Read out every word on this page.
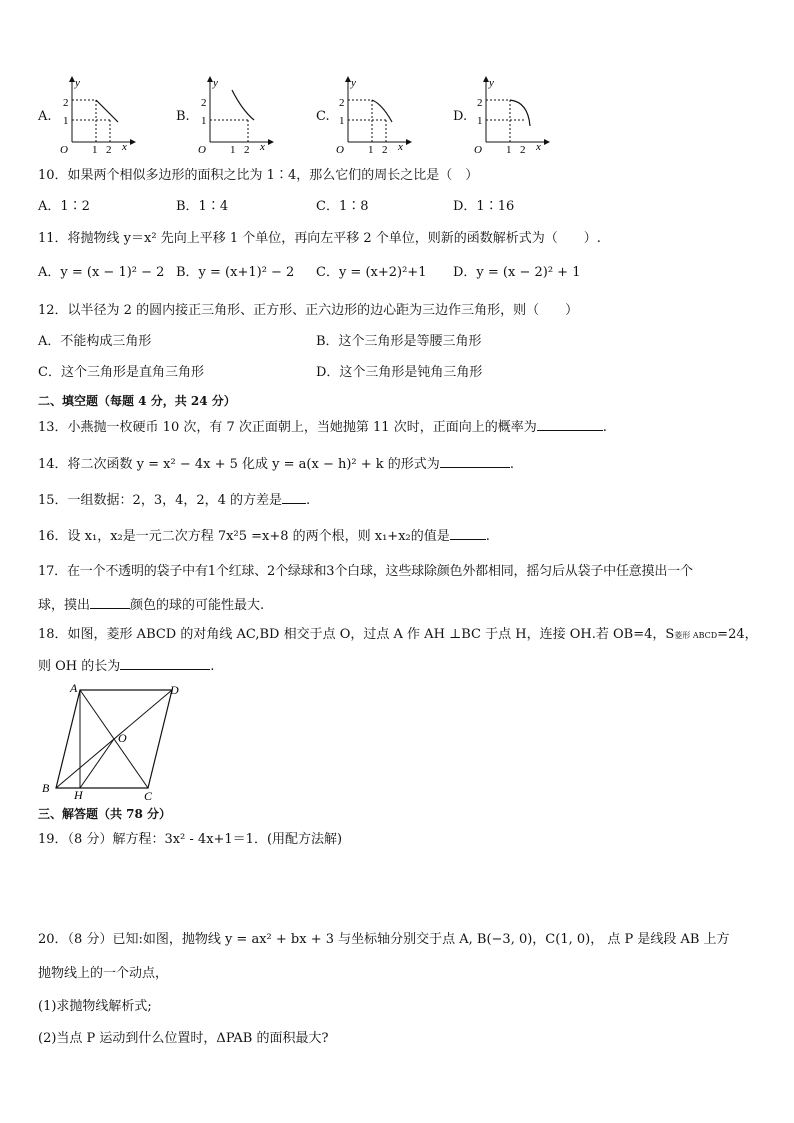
A.
2
1
1 2
y
x
O
B.
2
1
1 2
y
x
O
C.
2
1
1 2
y
x
O
D.
2
1
1 2
y
x
O
10．如果两个相似多边形的面积之比为 1∶4，那么它们的周长之比是（　）
A．1∶2	B．1∶4	C．1∶8	D．1∶16
11．将抛物线 y＝x² 先向上平移 1 个单位，再向左平移 2 个单位，则新的函数解析式为（　　）.
A．y = (x − 1)² − 2 B．y = (x+1)² − 2 C．y = (x+2)²+1 D．y = (x − 2)² + 1
12．以半径为 2 的圆内接正三角形、正方形、正六边形的边心距为三边作三角形，则（　　）
A．不能构成三角形	B．这个三角形是等腰三角形
C．这个三角形是直角三角形	D．这个三角形是钝角三角形
二、填空题（每题 4 分，共 24 分）
13．小燕抛一枚硬币 10 次，有 7 次正面朝上，当她抛第 11 次时，正面向上的概率为	.
14．将二次函数 y = x² − 4x + 5 化成 y = a(x − h)² + k 的形式为	.
15．一组数据：2，3，4，2，4 的方差是 .
16．设 x₁，x₂是一元二次方程 7x²5 =x+8 的两个根，则 x₁+x₂的值是	.
17．在一个不透明的袋子中有1个红球、2个绿球和3个白球，这些球除颜色外都相同，摇匀后从袋子中任意摸出一个
球，摸出	颜色的球的可能性最大.
18．如图，菱形 ABCD 的对角线 AC,BD 相交于点 O，过点 A 作 AH ⊥BC 于点 H，连接 OH.若 OB=4，S菱形 ABCD=24，
则 OH 的长为	.
A	D
O
B H	C
三、解答题（共 78 分）
19．（8 分）解方程：3x² - 4x+1＝1．(用配方法解)
20．（8 分）已知:如图，抛物线 y = ax² + bx + 3 与坐标轴分别交于点 A, B(−3, 0)，C(1, 0)， 点 P 是线段 AB 上方
抛物线上的一个动点，
(1)求抛物线解析式;
(2)当点 P 运动到什么位置时，ΔPAB 的面积最大?
